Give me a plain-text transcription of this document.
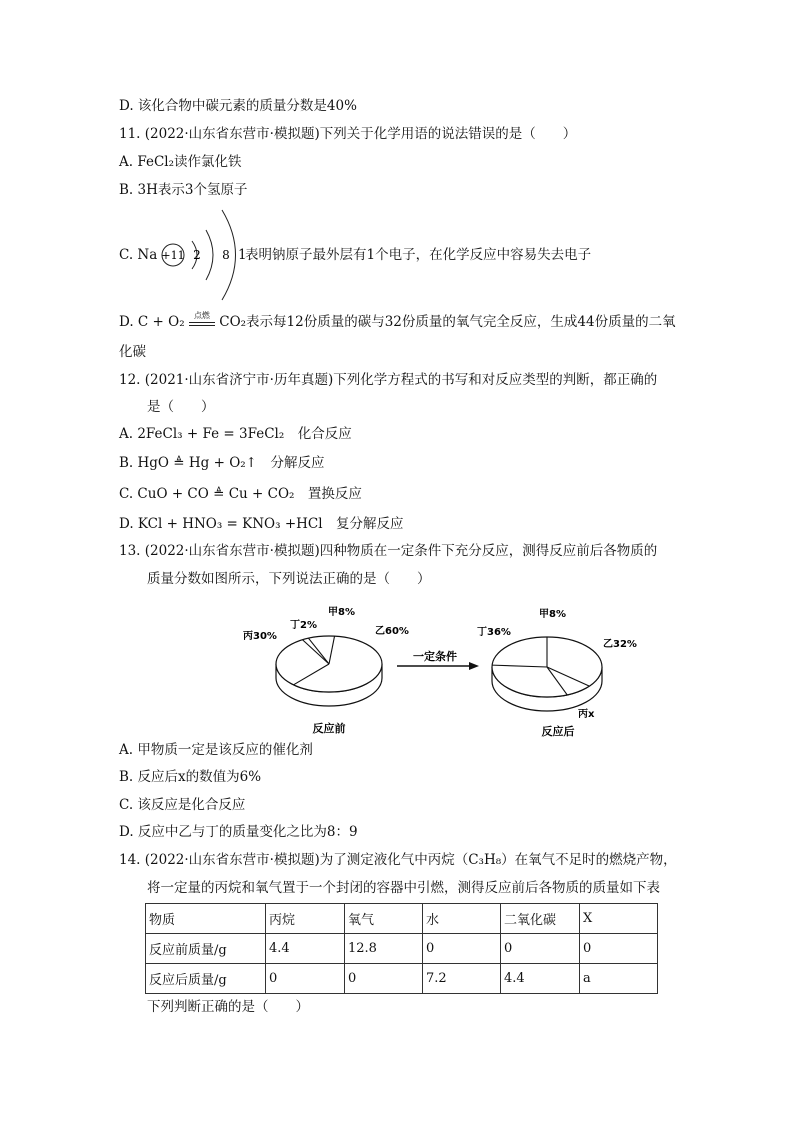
D. 该化合物中碳元素的质量分数是40%
11. (2022·山东省东营市·模拟题)下列关于化学用语的说法错误的是（　　）
A. FeCl₂读作氯化铁
B. 3H表示3个氢原子
C. Na +11 2 8 1
表明钠原子最外层有1个电子，在化学反应中容易失去电子
D. C + O₂	点燃 CO₂表示每12份质量的碳与32份质量的氧气完全反应，生成44份质量的二氧
化碳
12. (2021·山东省济宁市·历年真题)下列化学方程式的书写和对反应类型的判断，都正确的
是（　　）
A. 2FeCl₃ + Fe = 3FeCl₂　化合反应
B. HgO ≜ Hg + O₂↑　分解反应
C. CuO + CO ≜ Cu + CO₂　置换反应
D. KCl + HNO₃ = KNO₃ +HCl　复分解反应
13. (2022·山东省东营市·模拟题)四种物质在一定条件下充分反应，测得反应前后各物质的
质量分数如图所示，下列说法正确的是（　　）
丙30%
丁2%
甲8%
乙60%	丁36%
甲8%
乙32%
丙x
一定条件
反应前	反应后
A. 甲物质一定是该反应的催化剂
B. 反应后x的数值为6%
C. 该反应是化合反应
D. 反应中乙与丁的质量变化之比为8：9
14. (2022·山东省东营市·模拟题)为了测定液化气中丙烷（C₃H₈）在氧气不足时的燃烧产物，
将一定量的丙烷和氧气置于一个封闭的容器中引燃，测得反应前后各物质的质量如下表
物质	丙烷	氧气	水	二氧化碳	X
反应前质量/g	4.4	12.8	0	0	0
反应后质量/g	0	0	7.2	4.4	a
下列判断正确的是（　　）
